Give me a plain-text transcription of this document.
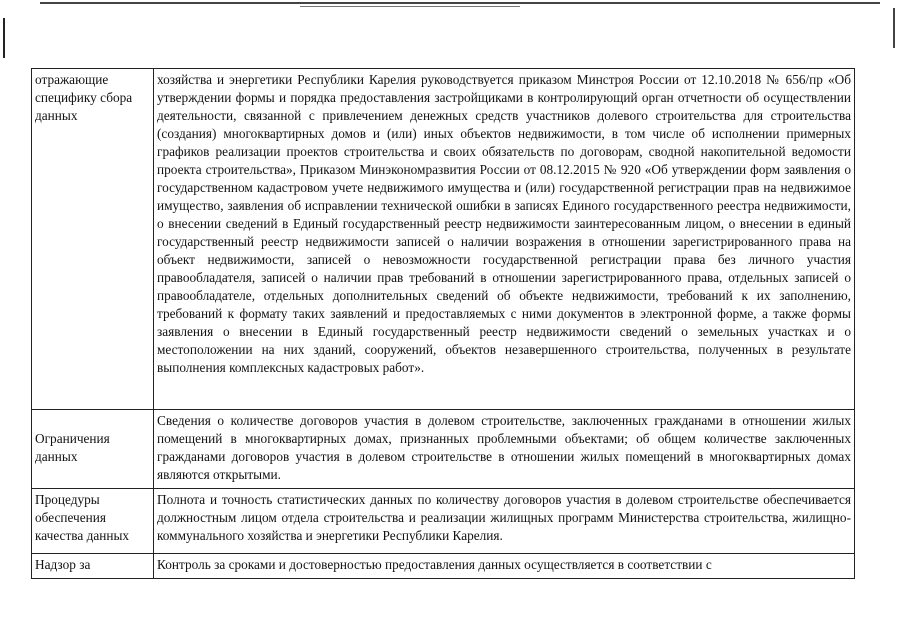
отражающие специфику сбора данных	хозяйства и энергетики Республики Карелия руководствуется приказом Минстроя России от 12.10.2018 № 656/пр «Об утверждении формы и порядка предоставления застройщиками в контролирующий орган отчетности об осуществлении деятельности, связанной с привлечением денежных средств участников долевого строительства для строительства (создания) многоквартирных домов и (или) иных объектов недвижимости, в том числе об исполнении примерных графиков реализации проектов строительства и своих обязательств по договорам, сводной накопительной ведомости проекта строительства», Приказом Минэкономразвития России от 08.12.2015 № 920 «Об утверждении форм заявления о государственном кадастровом учете недвижимого имущества и (или) государственной регистрации прав на недвижимое имущество, заявления об исправлении технической ошибки в записях Единого государственного реестра недвижимости, о внесении сведений в Единый государственный реестр недвижимости заинтересованным лицом, о внесении в единый государственный реестр недвижимости записей о наличии возражения в отношении зарегистрированного права на объект недвижимости, записей о невозможности государственной регистрации права без личного участия правообладателя, записей о наличии прав требований в отношении зарегистрированного права, отдельных записей о правообладателе, отдельных дополнительных сведений об объекте недвижимости, требований к их заполнению, требований к формату таких заявлений и предоставляемых с ними документов в электронной форме, а также формы заявления о внесении в Единый государственный реестр недвижимости сведений о земельных участках и о местоположении на них зданий, сооружений, объектов незавершенного строительства, полученных в результате выполнения комплексных кадастровых работ».
Ограничения данных	Сведения о количестве договоров участия в долевом строительстве, заключенных гражданами в отношении жилых помещений в многоквартирных домах, признанных проблемными объектами; об общем количестве заключенных гражданами договоров участия в долевом строительстве в отношении жилых помещений в многоквартирных домах являются открытыми.
Процедуры обеспечения качества данных	Полнота и точность статистических данных по количеству договоров участия в долевом строительстве обеспечивается должностным лицом отдела строительства и реализации жилищных программ Министерства строительства, жилищно-коммунального хозяйства и энергетики Республики Карелия.
Надзор за	Контроль за сроками и достоверностью предоставления данных осуществляется в соответствии с
